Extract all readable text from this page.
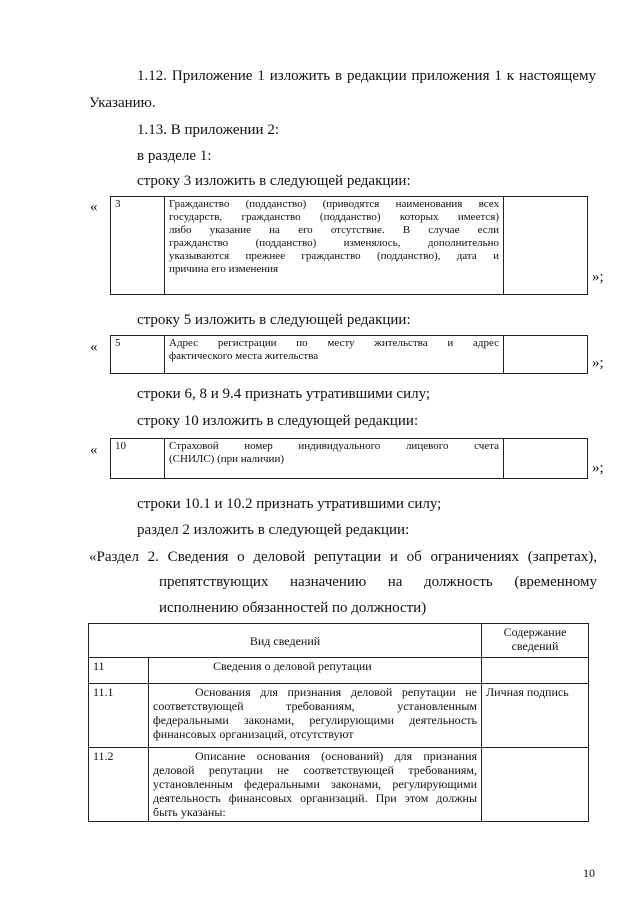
1.12. Приложение 1 изложить в редакции приложения 1 к настоящему
Указанию.
1.13. В приложении 2:
в разделе 1:
строку 3 изложить в следующей редакции:
« 3	Гражданство (подданство) (приводятся наименования всех
государств, гражданство (подданство) которых имеется)
либо указание на его отсутствие. В случае если
гражданство (подданство) изменялось, дополнительно
указываются прежнее гражданство (подданство), дата и
причина его изменения
		»;
строку 5 изложить в следующей редакции:
« 5	Адрес регистрации по месту жительства и адрес
фактического места жительства
		»;
строки 6, 8 и 9.4 признать утратившими силу;
строку 10 изложить в следующей редакции:
« 10	Страховой номер индивидуального лицевого счета
(СНИЛС) (при наличии)

»;
строки 10.1 и 10.2 признать утратившими силу;
раздел 2 изложить в следующей редакции:
«Раздел 2. Сведения о деловой репутации и об ограничениях (запретах),
препятствующих назначению на должность (временному
исполнению обязанностей по должности)
Вид сведений		Содержание сведений
11	Сведения о деловой репутации	
11.1	Основания для признания деловой репутации не
соответствующей требованиям, установленным
федеральными законами, регулирующими деятельность
финансовых организаций, отсутствуют	Личная подпись
11.2	Описание основания (оснований) для признания
деловой репутации не соответствующей требованиям,
установленным федеральными законами, регулирующими
деятельность финансовых организаций. При этом должны
быть указаны:	

10
